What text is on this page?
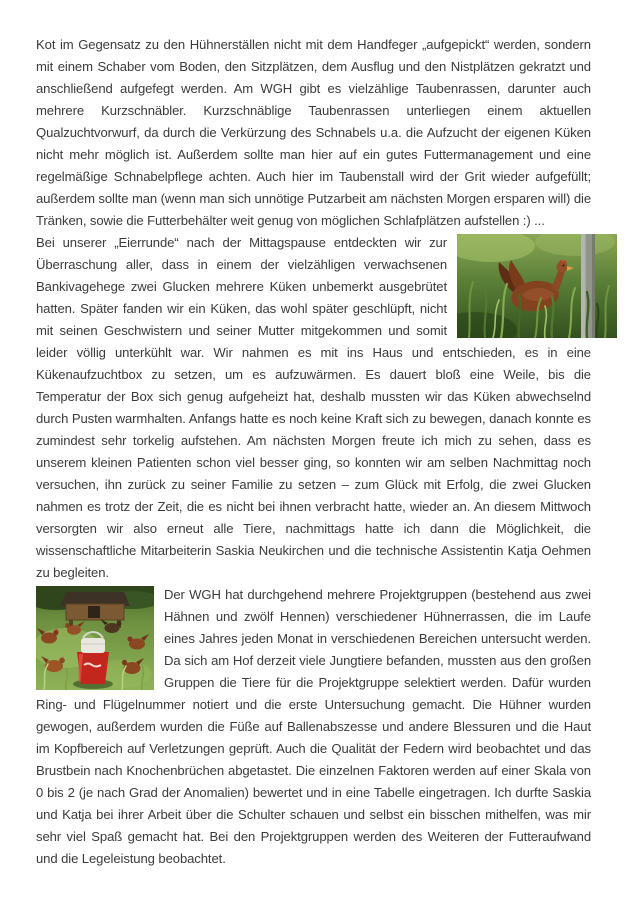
Kot im Gegensatz zu den Hühnerställen nicht mit dem Handfeger „aufgepickt“ werden, sondern mit einem Schaber vom Boden, den Sitzplätzen, dem Ausflug und den Nistplätzen gekratzt und anschließend aufgefegt werden. Am WGH gibt es vielzählige Taubenrassen, darunter auch mehrere Kurzschnäbler. Kurzschnäblige Taubenrassen unterliegen einem aktuellen Qualzuchtvorwurf, da durch die Verkürzung des Schnabels u.a. die Aufzucht der eigenen Küken nicht mehr möglich ist. Außerdem sollte man hier auf ein gutes Futtermanagement und eine regelmäßige Schnabelpflege achten. Auch hier im Taubenstall wird der Grit wieder aufgefüllt; außerdem sollte man (wenn man sich unnötige Putzarbeit am nächsten Morgen ersparen will) die Tränken, sowie die Futterbehälter weit genug von möglichen Schlafplätzen aufstellen :) ...

Bei unserer „Eierrunde“ nach der Mittagspause entdeckten wir zur Überraschung aller, dass in einem der vielzähligen verwachsenen Bankivagehege zwei Glucken mehrere Küken unbemerkt ausgebrütet hatten. Später fanden wir ein Küken, das wohl später geschlüpft, nicht mit seinen Geschwistern und seiner Mutter mitgekommen und somit leider völlig unterkühlt war. Wir nahmen es mit ins Haus und entschieden, es in eine Kükenaufzuchtbox zu setzen, um es aufzuwärmen. Es dauert bloß eine Weile, bis die Temperatur der Box sich genug aufgeheizt hat, deshalb mussten wir das Küken abwechselnd durch Pusten warmhalten. Anfangs hatte es noch keine Kraft sich zu bewegen, danach konnte es zumindest sehr torkelig aufstehen. Am nächsten Morgen freute ich mich zu sehen, dass es unserem kleinen Patienten schon viel besser ging, so konnten wir am selben Nachmittag noch versuchen, ihn zurück zu seiner Familie zu setzen – zum Glück mit Erfolg, die zwei Glucken nahmen es trotz der Zeit, die es nicht bei ihnen verbracht hatte, wieder an. An diesem Mittwoch versorgten wir also erneut alle Tiere, nachmittags hatte ich dann die Möglichkeit, die wissenschaftliche Mitarbeiterin Saskia Neukirchen und die technische Assistentin Katja Oehmen zu begleiten.

Der WGH hat durchgehend mehrere Projektgruppen (bestehend aus zwei Hähnen und zwölf Hennen) verschiedener Hühnerrassen, die im Laufe eines Jahres jeden Monat in verschiedenen Bereichen untersucht werden. Da sich am Hof derzeit viele Jungtiere befanden, mussten aus den großen Gruppen die Tiere für die Projektgruppe selektiert werden. Dafür wurden Ring- und Flügelnummer notiert und die erste Untersuchung gemacht. Die Hühner wurden gewogen, außerdem wurden die Füße auf Ballenabszesse und andere Blessuren und die Haut im Kopfbereich auf Verletzungen geprüft. Auch die Qualität der Federn wird beobachtet und das Brustbein nach Knochenbrüchen abgetastet. Die einzelnen Faktoren werden auf einer Skala von 0 bis 2 (je nach Grad der Anomalien) bewertet und in eine Tabelle eingetragen. Ich durfte Saskia und Katja bei ihrer Arbeit über die Schulter schauen und selbst ein bisschen mithelfen, was mir sehr viel Spaß gemacht hat. Bei den Projektgruppen werden des Weiteren der Futteraufwand und die Legeleistung beobachtet.
